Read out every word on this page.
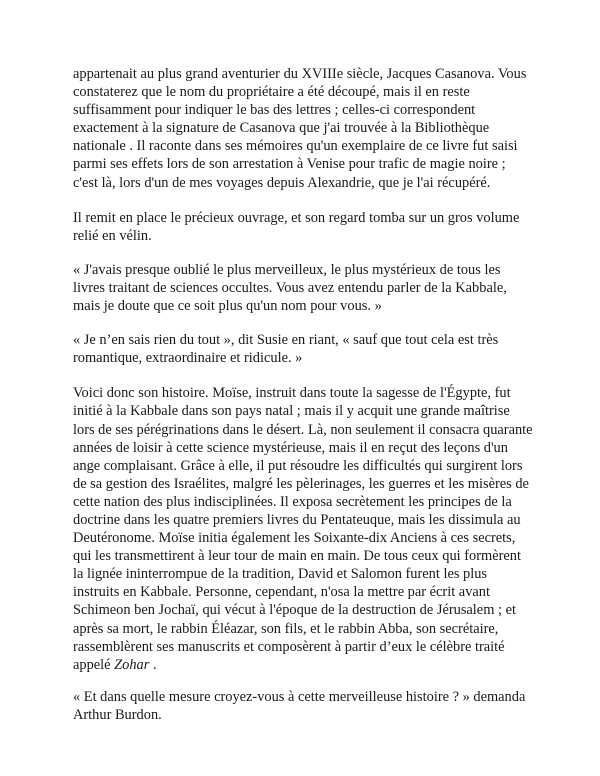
appartenait au plus grand aventurier du XVIIIe siècle, Jacques Casanova. Vous constaterez que le nom du propriétaire a été découpé, mais il en reste suffisamment pour indiquer le bas des lettres ; celles-ci correspondent exactement à la signature de Casanova que j'ai trouvée à la Bibliothèque nationale . Il raconte dans ses mémoires qu'un exemplaire de ce livre fut saisi parmi ses effets lors de son arrestation à Venise pour trafic de magie noire ; c'est là, lors d'un de mes voyages depuis Alexandrie, que je l'ai récupéré.

Il remit en place le précieux ouvrage, et son regard tomba sur un gros volume relié en vélin.

« J'avais presque oublié le plus merveilleux, le plus mystérieux de tous les livres traitant de sciences occultes. Vous avez entendu parler de la Kabbale, mais je doute que ce soit plus qu'un nom pour vous. »

« Je n’en sais rien du tout », dit Susie en riant, « sauf que tout cela est très romantique, extraordinaire et ridicule. »

Voici donc son histoire. Moïse, instruit dans toute la sagesse de l'Égypte, fut initié à la Kabbale dans son pays natal ; mais il y acquit une grande maîtrise lors de ses pérégrinations dans le désert. Là, non seulement il consacra quarante années de loisir à cette science mystérieuse, mais il en reçut des leçons d'un ange complaisant. Grâce à elle, il put résoudre les difficultés qui surgirent lors de sa gestion des Israélites, malgré les pèlerinages, les guerres et les misères de cette nation des plus indisciplinées. Il exposa secrètement les principes de la doctrine dans les quatre premiers livres du Pentateuque, mais les dissimula au Deutéronome. Moïse initia également les Soixante-dix Anciens à ces secrets, qui les transmettirent à leur tour de main en main. De tous ceux qui formèrent la lignée ininterrompue de la tradition, David et Salomon furent les plus instruits en Kabbale. Personne, cependant, n'osa la mettre par écrit avant Schimeon ben Jochaï, qui vécut à l'époque de la destruction de Jérusalem ; et après sa mort, le rabbin Éléazar, son fils, et le rabbin Abba, son secrétaire, rassemblèrent ses manuscrits et composèrent à partir d’eux le célèbre traité appelé Zohar .

« Et dans quelle mesure croyez-vous à cette merveilleuse histoire ? » demanda Arthur Burdon.
